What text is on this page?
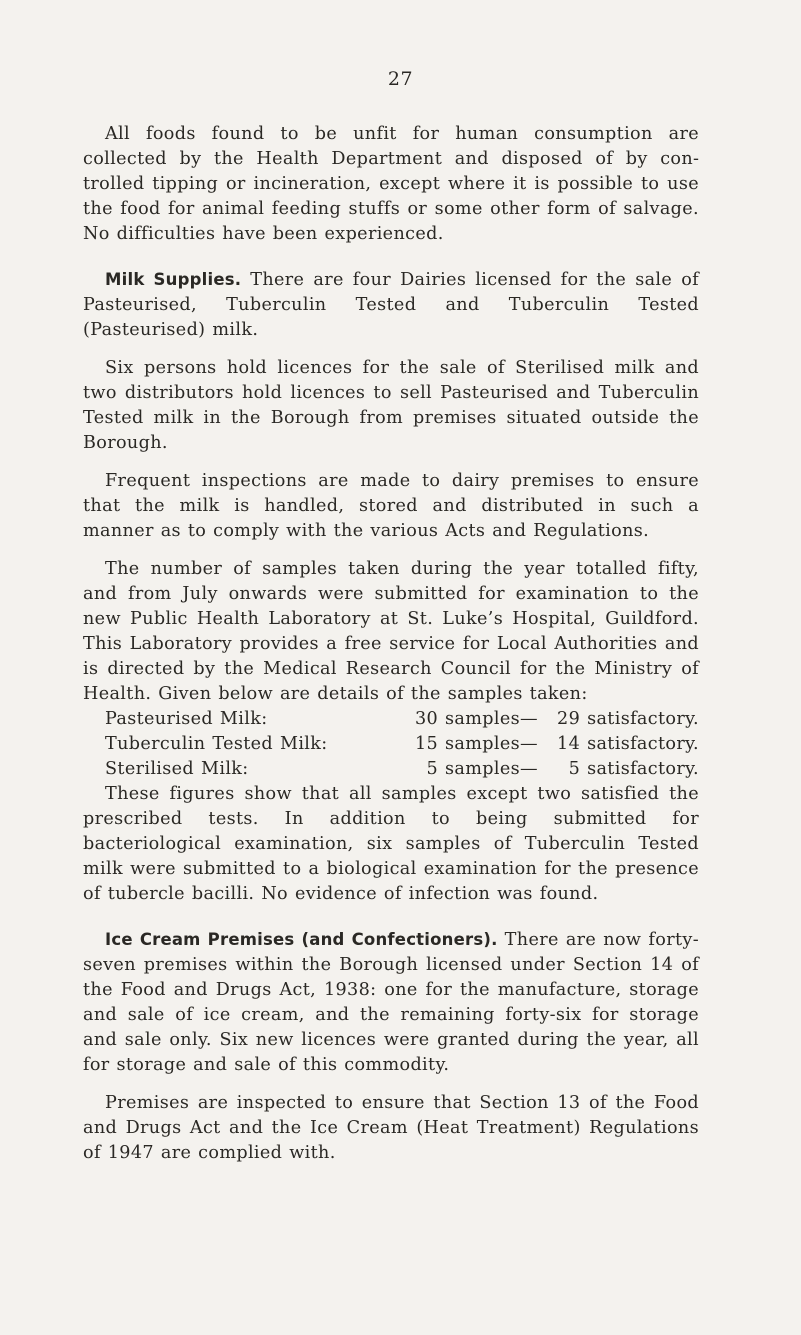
27

All foods found to be unfit for human consumption are collected by the Health Department and disposed of by controlled tipping or incineration, except where it is possible to use the food for animal feeding stuffs or some other form of salvage. No difficulties have been experienced.

Milk Supplies. There are four Dairies licensed for the sale of Pasteurised, Tuberculin Tested and Tuberculin Tested (Pasteurised) milk.

Six persons hold licences for the sale of Sterilised milk and two distributors hold licences to sell Pasteurised and Tuberculin Tested milk in the Borough from premises situated outside the Borough.

Frequent inspections are made to dairy premises to ensure that the milk is handled, stored and distributed in such a manner as to comply with the various Acts and Regulations.

The number of samples taken during the year totalled fifty, and from July onwards were submitted for examination to the new Public Health Laboratory at St. Luke’s Hospital, Guildford. This Laboratory provides a free service for Local Authorities and is directed by the Medical Research Council for the Ministry of Health. Given below are details of the samples taken:

Pasteurised Milk:	30 samples —	29 satisfactory.
Tuberculin Tested Milk:	15 samples —	14 satisfactory.
Sterilised Milk:	5 samples —	5 satisfactory.

These figures show that all samples except two satisfied the prescribed tests. In addition to being submitted for bacteriological examination, six samples of Tuberculin Tested milk were submitted to a biological examination for the presence of tubercle bacilli. No evidence of infection was found.

Ice Cream Premises (and Confectioners). There are now forty-seven premises within the Borough licensed under Section 14 of the Food and Drugs Act, 1938: one for the manufacture, storage and sale of ice cream, and the remaining forty-six for storage and sale only. Six new licences were granted during the year, all for storage and sale of this commodity.

Premises are inspected to ensure that Section 13 of the Food and Drugs Act and the Ice Cream (Heat Treatment) Regulations of 1947 are complied with.
